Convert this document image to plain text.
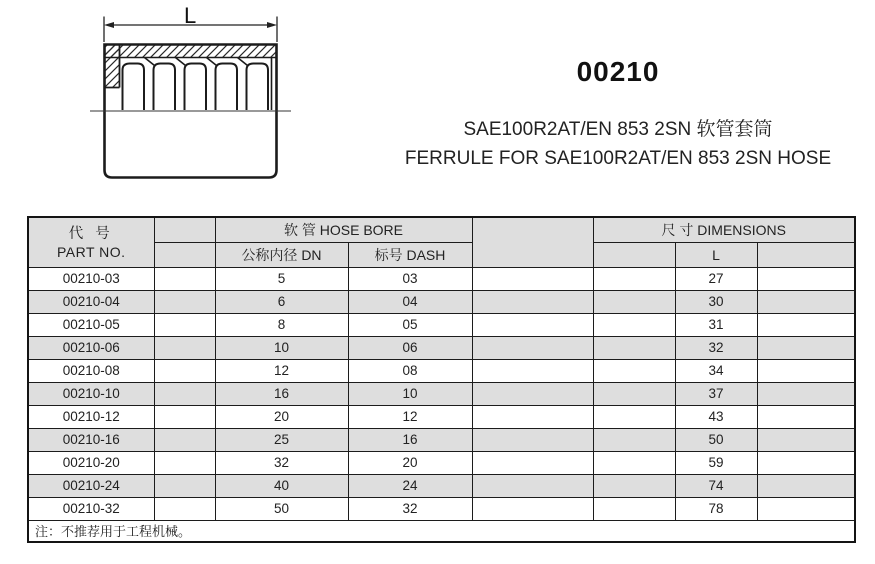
L
00210
SAE100R2AT/EN 853 2SN 软管套筒
FERRULE FOR SAE100R2AT/EN 853 2SN HOSE
代 号
PART NO.		软 管 HOSE BORE			尺 寸 DIMENSIONS		
		公称内径 DN	标号 DASH			L	
00210-03		5	03			27	
00210-04		6	04			30	
00210-05		8	05			31	
00210-06		10	06			32	
00210-08		12	08			34	
00210-10		16	10			37	
00210-12		20	12			43	
00210-16		25	16			50	
00210-20		32	20			59	
00210-24		40	24			74	
00210-32		50	32			78	
注：不推荐用于工程机械。							
